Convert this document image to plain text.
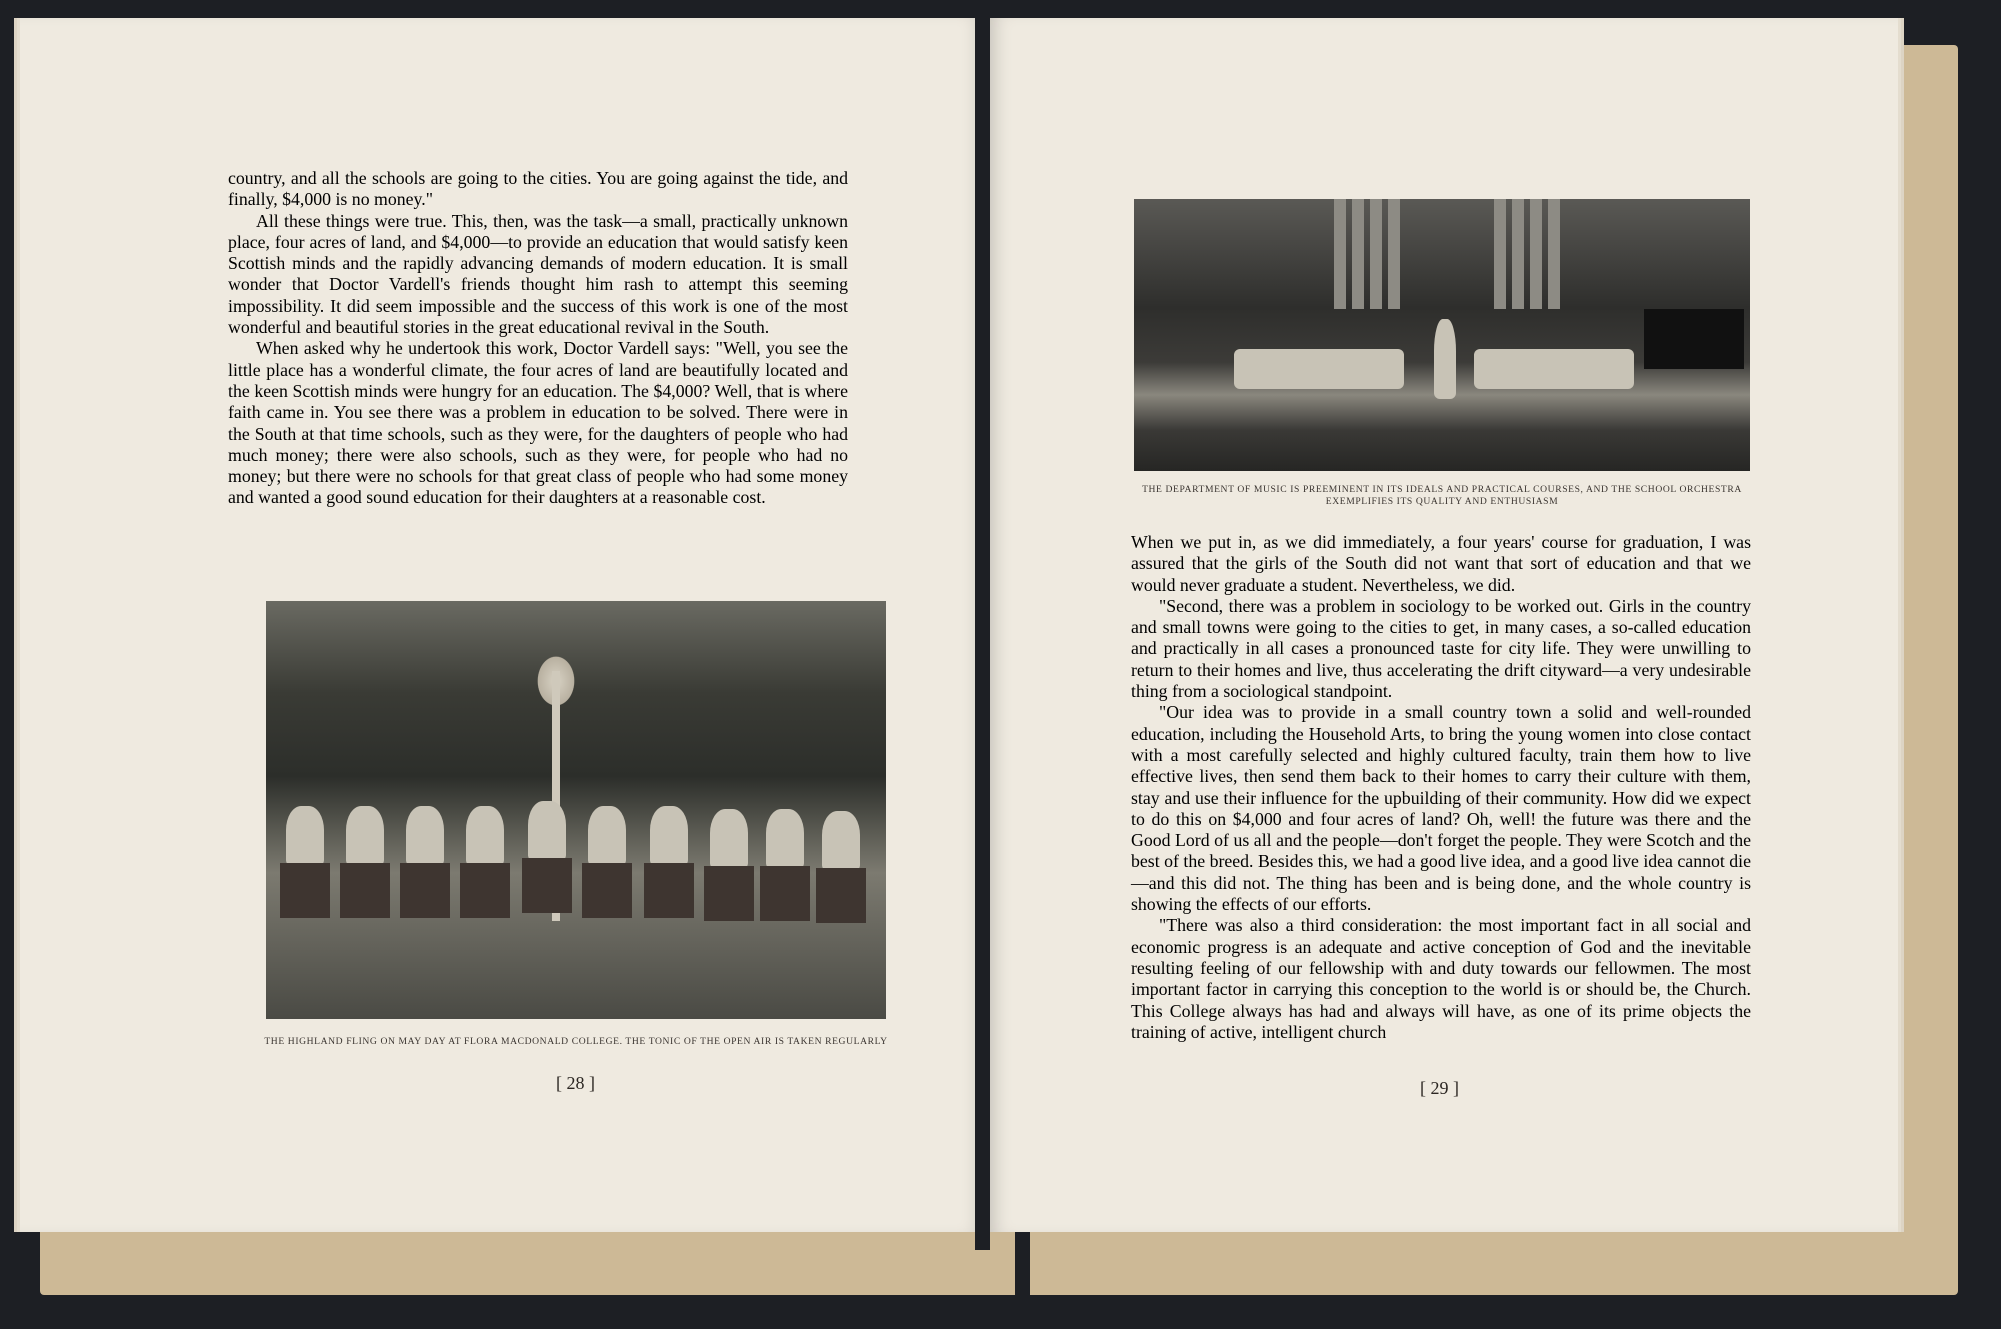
country, and all the schools are going to the cities. You are going against the tide, and finally, $4,000 is no money."

All these things were true. This, then, was the task—a small, practically unknown place, four acres of land, and $4,000—to provide an education that would satisfy keen Scottish minds and the rapidly advancing demands of modern education. It is small wonder that Doctor Vardell's friends thought him rash to attempt this seeming impossibility. It did seem impossible and the success of this work is one of the most wonderful and beautiful stories in the great educational revival in the South.

When asked why he undertook this work, Doctor Vardell says: "Well, you see the little place has a wonderful climate, the four acres of land are beautifully located and the keen Scottish minds were hungry for an education. The $4,000? Well, that is where faith came in. You see there was a problem in education to be solved. There were in the South at that time schools, such as they were, for the daughters of people who had much money; there were also schools, such as they were, for people who had no money; but there were no schools for that great class of people who had some money and wanted a good sound education for their daughters at a reasonable cost.

THE HIGHLAND FLING ON MAY DAY AT FLORA MACDONALD COLLEGE. THE TONIC OF THE OPEN AIR IS TAKEN REGULARLY
[ 28 ]
THE DEPARTMENT OF MUSIC IS PREEMINENT IN ITS IDEALS AND PRACTICAL COURSES, AND THE SCHOOL ORCHESTRA EXEMPLIFIES ITS QUALITY AND ENTHUSIASM

When we put in, as we did immediately, a four years' course for graduation, I was assured that the girls of the South did not want that sort of education and that we would never graduate a student. Nevertheless, we did.

"Second, there was a problem in sociology to be worked out. Girls in the country and small towns were going to the cities to get, in many cases, a so-called education and practically in all cases a pronounced taste for city life. They were unwilling to return to their homes and live, thus accelerating the drift cityward—a very undesirable thing from a sociological standpoint.

"Our idea was to provide in a small country town a solid and well-rounded education, including the Household Arts, to bring the young women into close contact with a most carefully selected and highly cultured faculty, train them how to live effective lives, then send them back to their homes to carry their culture with them, stay and use their influence for the upbuilding of their community. How did we expect to do this on $4,000 and four acres of land? Oh, well! the future was there and the Good Lord of us all and the people—don't forget the people. They were Scotch and the best of the breed. Besides this, we had a good live idea, and a good live idea cannot die—and this did not. The thing has been and is being done, and the whole country is showing the effects of our efforts.

"There was also a third consideration: the most important fact in all social and economic progress is an adequate and active conception of God and the inevitable resulting feeling of our fellowship with and duty towards our fellowmen. The most important factor in carrying this conception to the world is or should be, the Church. This College always has had and always will have, as one of its prime objects the training of active, intelligent church

[ 29 ]
